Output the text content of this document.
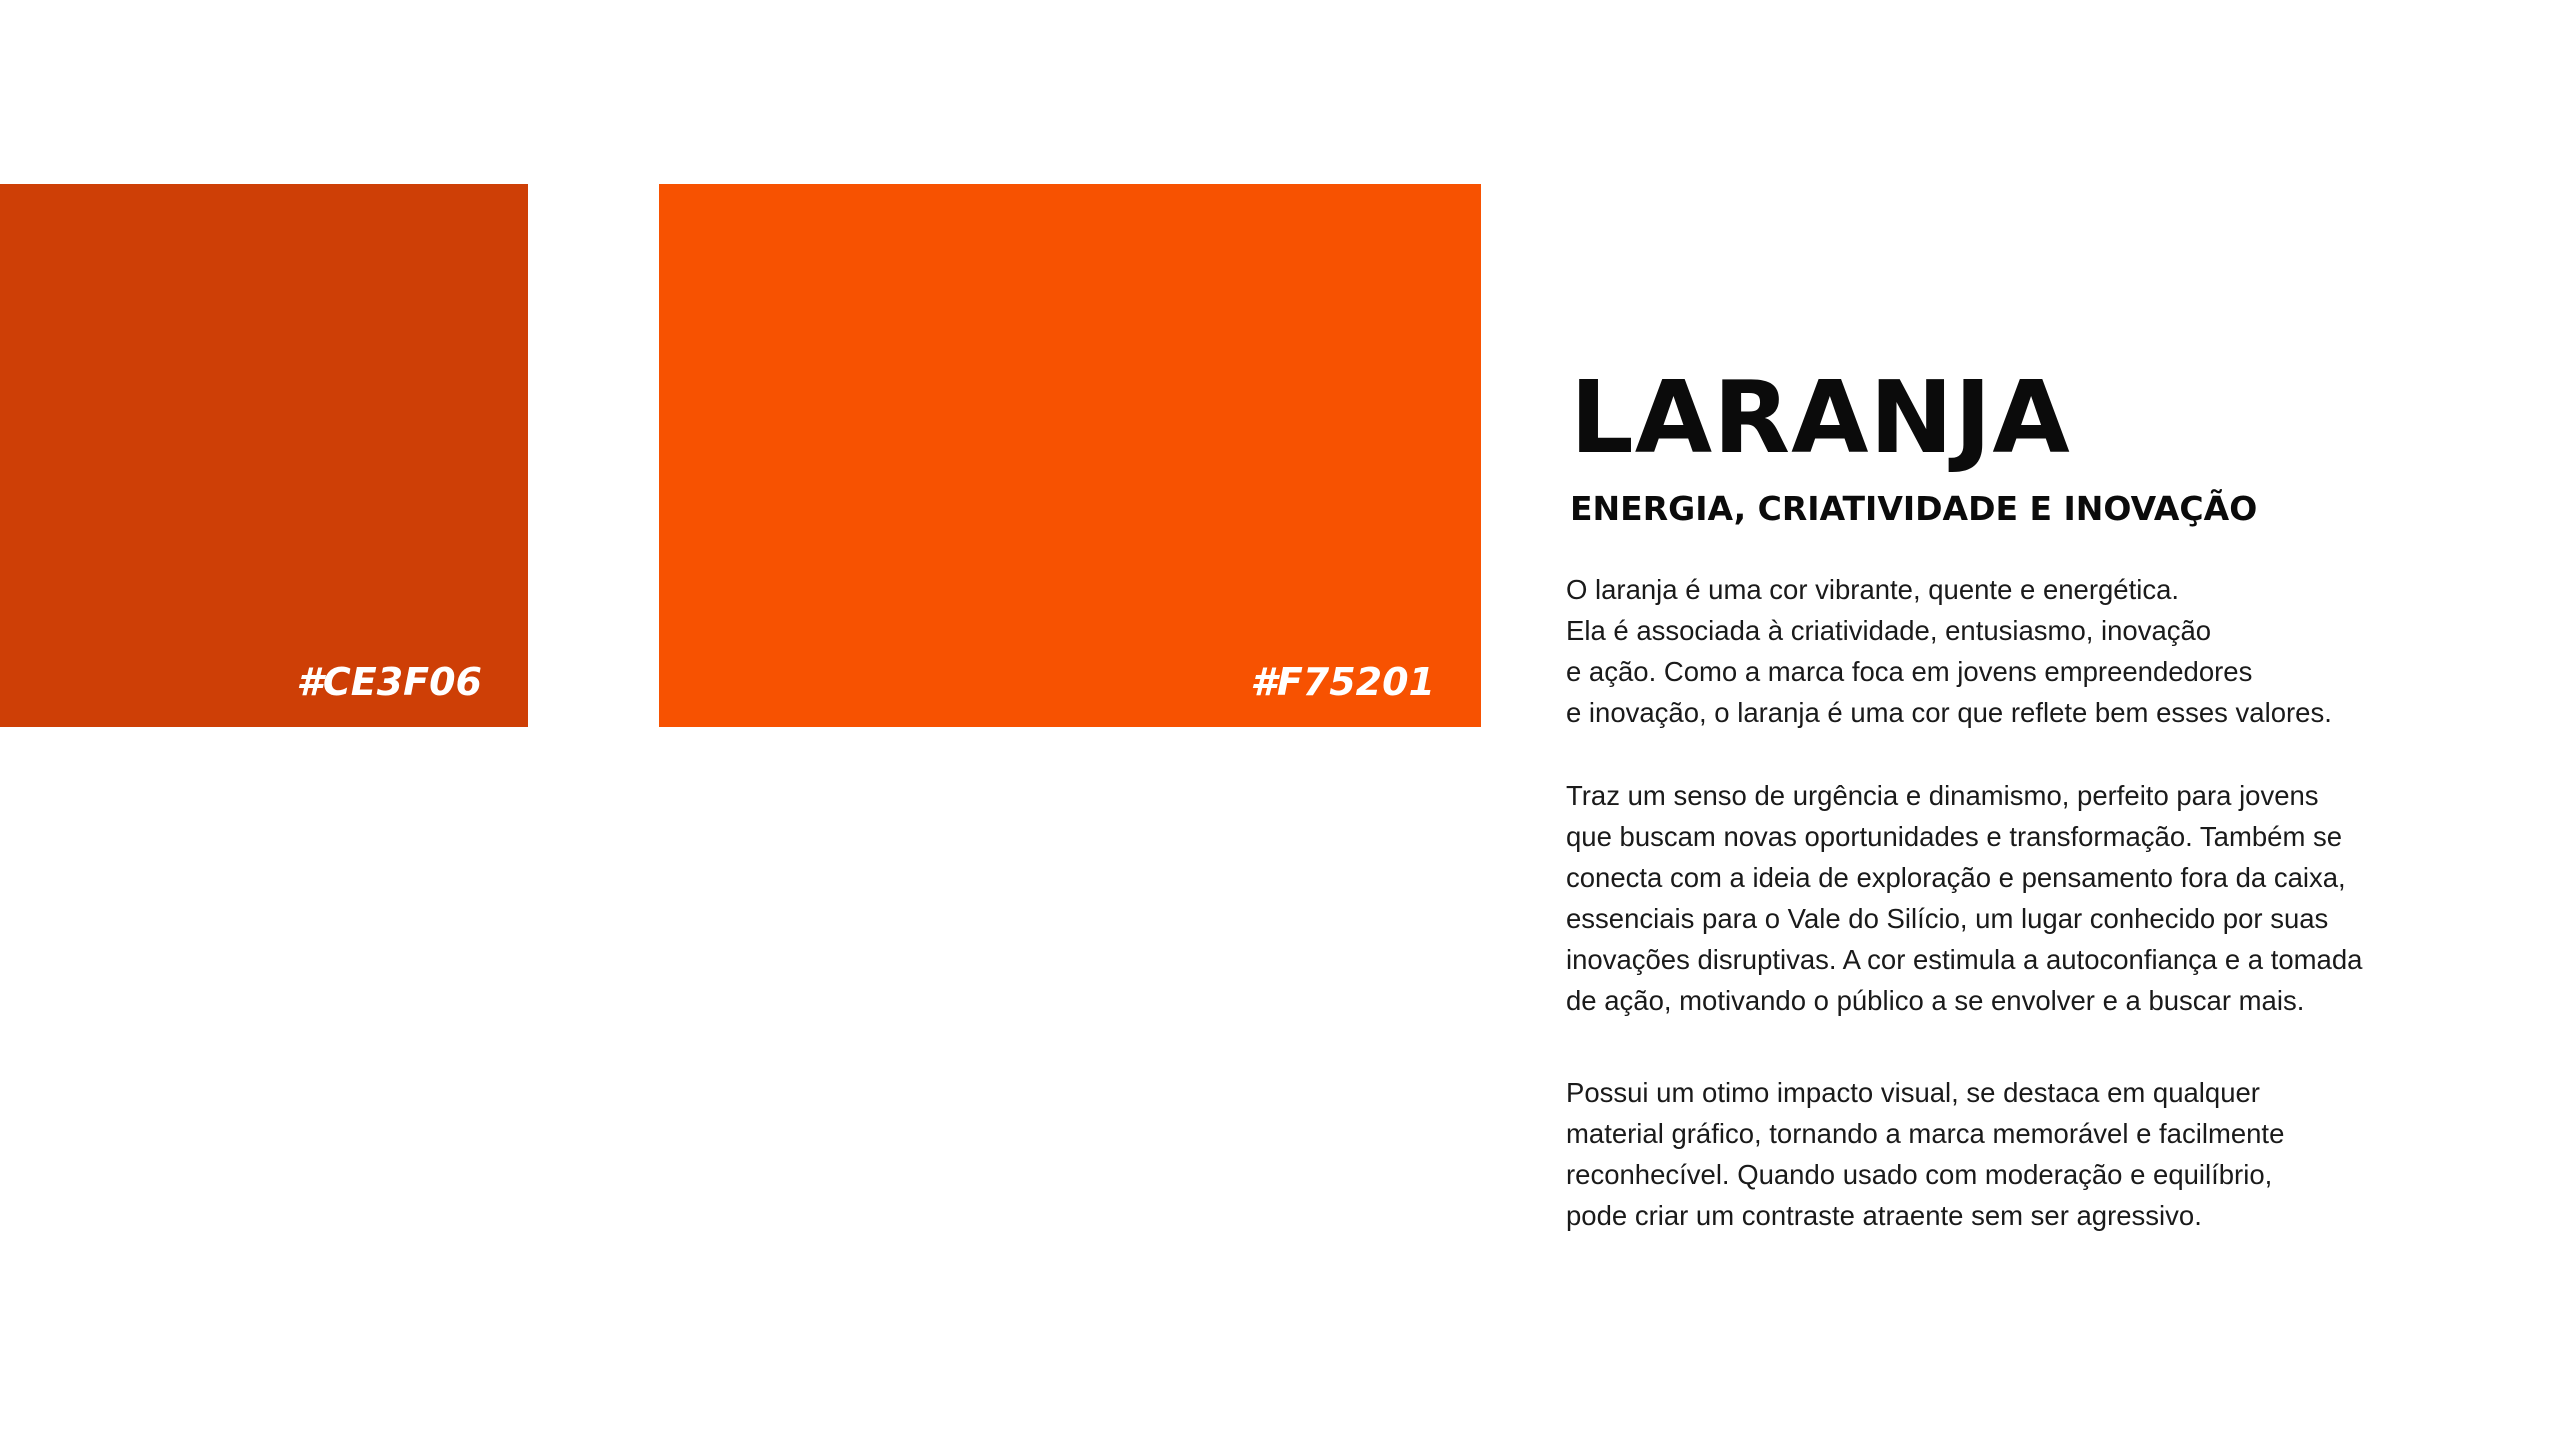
#CE3F06	#F75201
LARANJA
ENERGIA, CRIATIVIDADE E INOVAÇÃO

O laranja é uma cor vibrante, quente e energética.
Ela é associada à criatividade, entusiasmo, inovação
e ação. Como a marca foca em jovens empreendedores
e inovação, o laranja é uma cor que reflete bem esses valores.

Traz um senso de urgência e dinamismo, perfeito para jovens
que buscam novas oportunidades e transformação. Também se
conecta com a ideia de exploração e pensamento fora da caixa,
essenciais para o Vale do Silício, um lugar conhecido por suas
inovações disruptivas. A cor estimula a autoconfiança e a tomada
de ação, motivando o público a se envolver e a buscar mais.

Possui um otimo impacto visual, se destaca em qualquer
material gráfico, tornando a marca memorável e facilmente
reconhecível. Quando usado com moderação e equilíbrio,
pode criar um contraste atraente sem ser agressivo.
